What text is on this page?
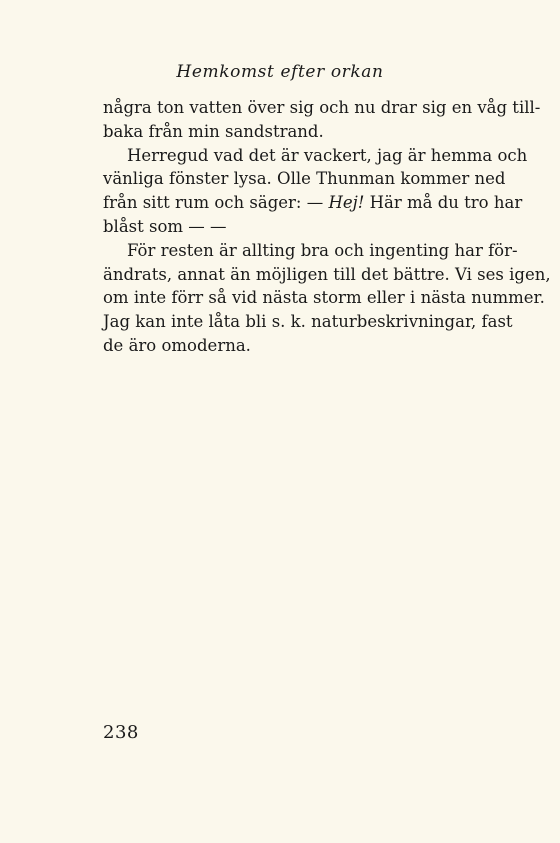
Hemkomst efter orkan
några ton vatten över sig och nu drar sig en våg till-
baka från min sandstrand.
Herregud vad det är vackert, jag är hemma och
vänliga fönster lysa. Olle Thunman kommer ned
från sitt rum och säger: — Hej! Här må du tro har
blåst som — —
För resten är allting bra och ingenting har för-
ändrats, annat än möjligen till det bättre. Vi ses igen,
om inte förr så vid nästa storm eller i nästa nummer.
Jag kan inte låta bli s. k. naturbeskrivningar, fast
de äro omoderna.
238
